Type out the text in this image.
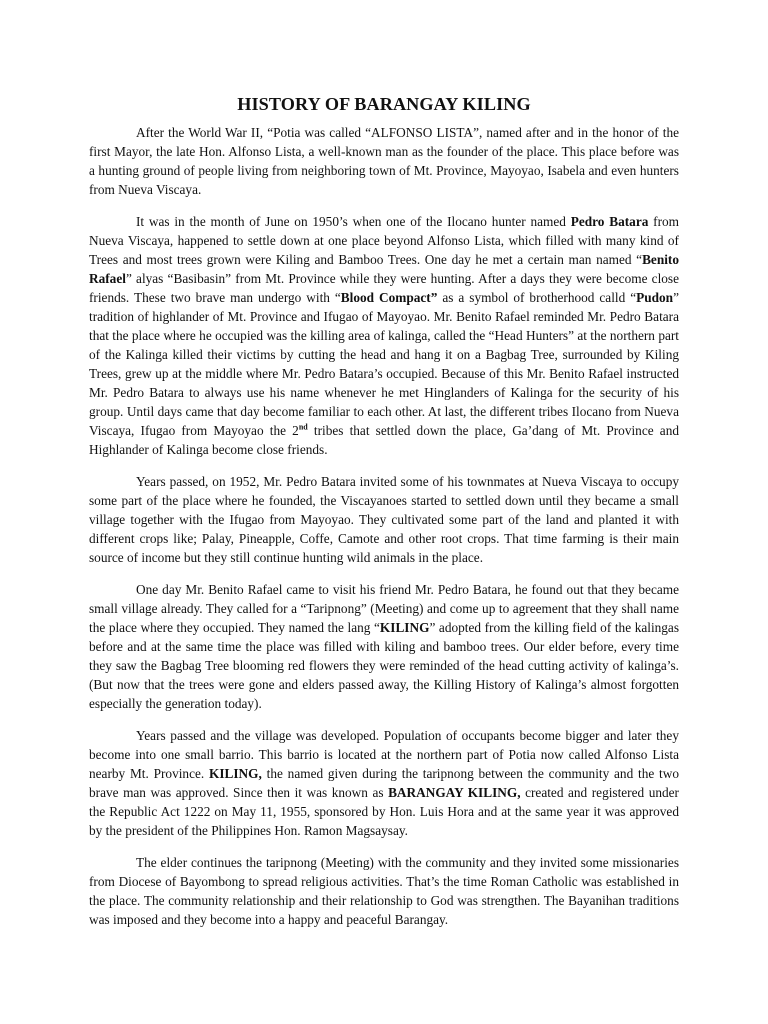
HISTORY OF BARANGAY KILING

After the World War II, “Potia was called “ALFONSO LISTA”, named after and in the honor of the first Mayor, the late Hon. Alfonso Lista, a well-known man as the founder of the place. This place before was a hunting ground of people living from neighboring town of Mt. Province, Mayoyao, Isabela and even hunters from Nueva Viscaya.

It was in the month of June on 1950’s when one of the Ilocano hunter named Pedro Batara from Nueva Viscaya, happened to settle down at one place beyond Alfonso Lista, which filled with many kind of Trees and most trees grown were Kiling and Bamboo Trees. One day he met a certain man named “Benito Rafael” alyas “Basibasin” from Mt. Province while they were hunting. After a days they were become close friends. These two brave man undergo with “Blood Compact” as a symbol of brotherhood calld “Pudon” tradition of highlander of Mt. Province and Ifugao of Mayoyao. Mr. Benito Rafael reminded Mr. Pedro Batara that the place where he occupied was the killing area of kalinga, called the “Head Hunters” at the northern part of the Kalinga killed their victims by cutting the head and hang it on a Bagbag Tree, surrounded by Kiling Trees, grew up at the middle where Mr. Pedro Batara’s occupied. Because of this Mr. Benito Rafael instructed Mr. Pedro Batara to always use his name whenever he met Hinglanders of Kalinga for the security of his group. Until days came that day become familiar to each other. At last, the different tribes Ilocano from Nueva Viscaya, Ifugao from Mayoyao the 2nd tribes that settled down the place, Ga’dang of Mt. Province and Highlander of Kalinga become close friends.

Years passed, on 1952, Mr. Pedro Batara invited some of his townmates at Nueva Viscaya to occupy some part of the place where he founded, the Viscayanoes started to settled down until they became a small village together with the Ifugao from Mayoyao. They cultivated some part of the land and planted it with different crops like; Palay, Pineapple, Coffe, Camote and other root crops. That time farming is their main source of income but they still continue hunting wild animals in the place.

One day Mr. Benito Rafael came to visit his friend Mr. Pedro Batara, he found out that they became small village already. They called for a “Taripnong” (Meeting) and come up to agreement that they shall name the place where they occupied. They named the lang “KILING” adopted from the killing field of the kalingas before and at the same time the place was filled with kiling and bamboo trees. Our elder before, every time they saw the Bagbag Tree blooming red flowers they were reminded of the head cutting activity of kalinga’s. (But now that the trees were gone and elders passed away, the Killing History of Kalinga’s almost forgotten especially the generation today).

Years passed and the village was developed. Population of occupants become bigger and later they become into one small barrio. This barrio is located at the northern part of Potia now called Alfonso Lista nearby Mt. Province. KILING, the named given during the taripnong between the community and the two brave man was approved. Since then it was known as BARANGAY KILING, created and registered under the Republic Act 1222 on May 11, 1955, sponsored by Hon. Luis Hora and at the same year it was approved by the president of the Philippines Hon. Ramon Magsaysay.

The elder continues the taripnong (Meeting) with the community and they invited some missionaries from Diocese of Bayombong to spread religious activities. That’s the time Roman Catholic was established in the place. The community relationship and their relationship to God was strengthen. The Bayanihan traditions was imposed and they become into a happy and peaceful Barangay.
